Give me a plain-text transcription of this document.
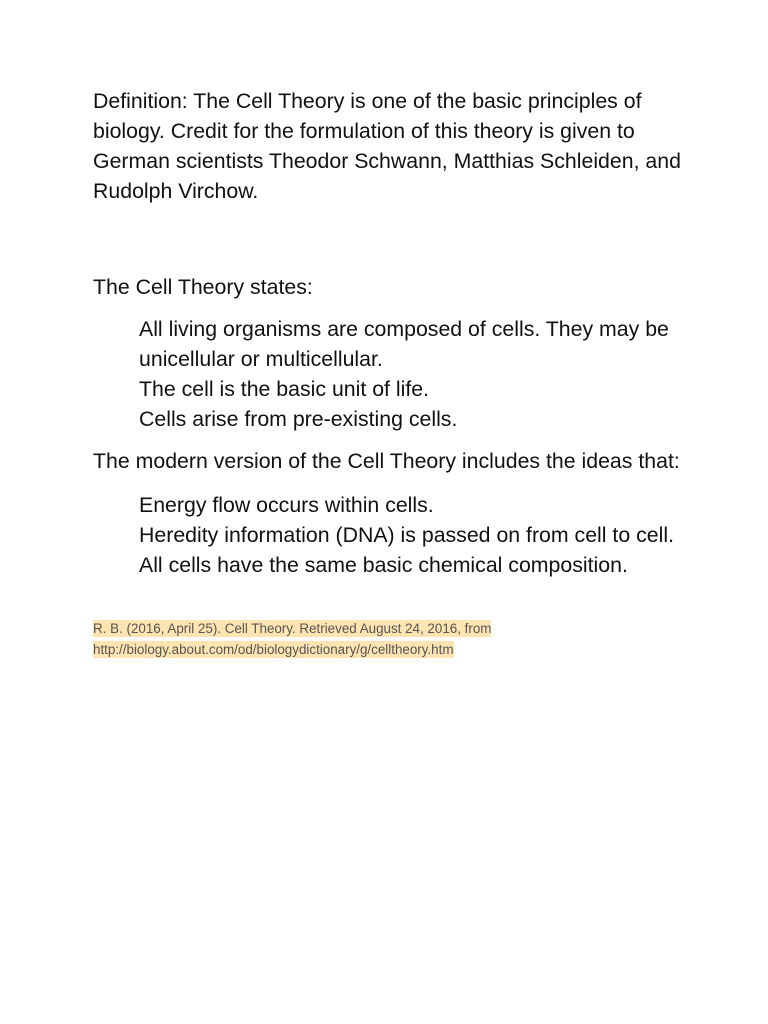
Definition: The Cell Theory is one of the basic principles of biology. Credit for the formulation of this theory is given to German scientists Theodor Schwann, Matthias Schleiden, and Rudolph Virchow.

The Cell Theory states:

All living organisms are composed of cells. They may be unicellular or multicellular.
The cell is the basic unit of life.
Cells arise from pre-existing cells.

The modern version of the Cell Theory includes the ideas that:

Energy flow occurs within cells.
Heredity information (DNA) is passed on from cell to cell.
All cells have the same basic chemical composition.

R. B. (2016, April 25). Cell Theory. Retrieved August 24, 2016, from
http://biology.about.com/od/biologydictionary/g/celltheory.htm
